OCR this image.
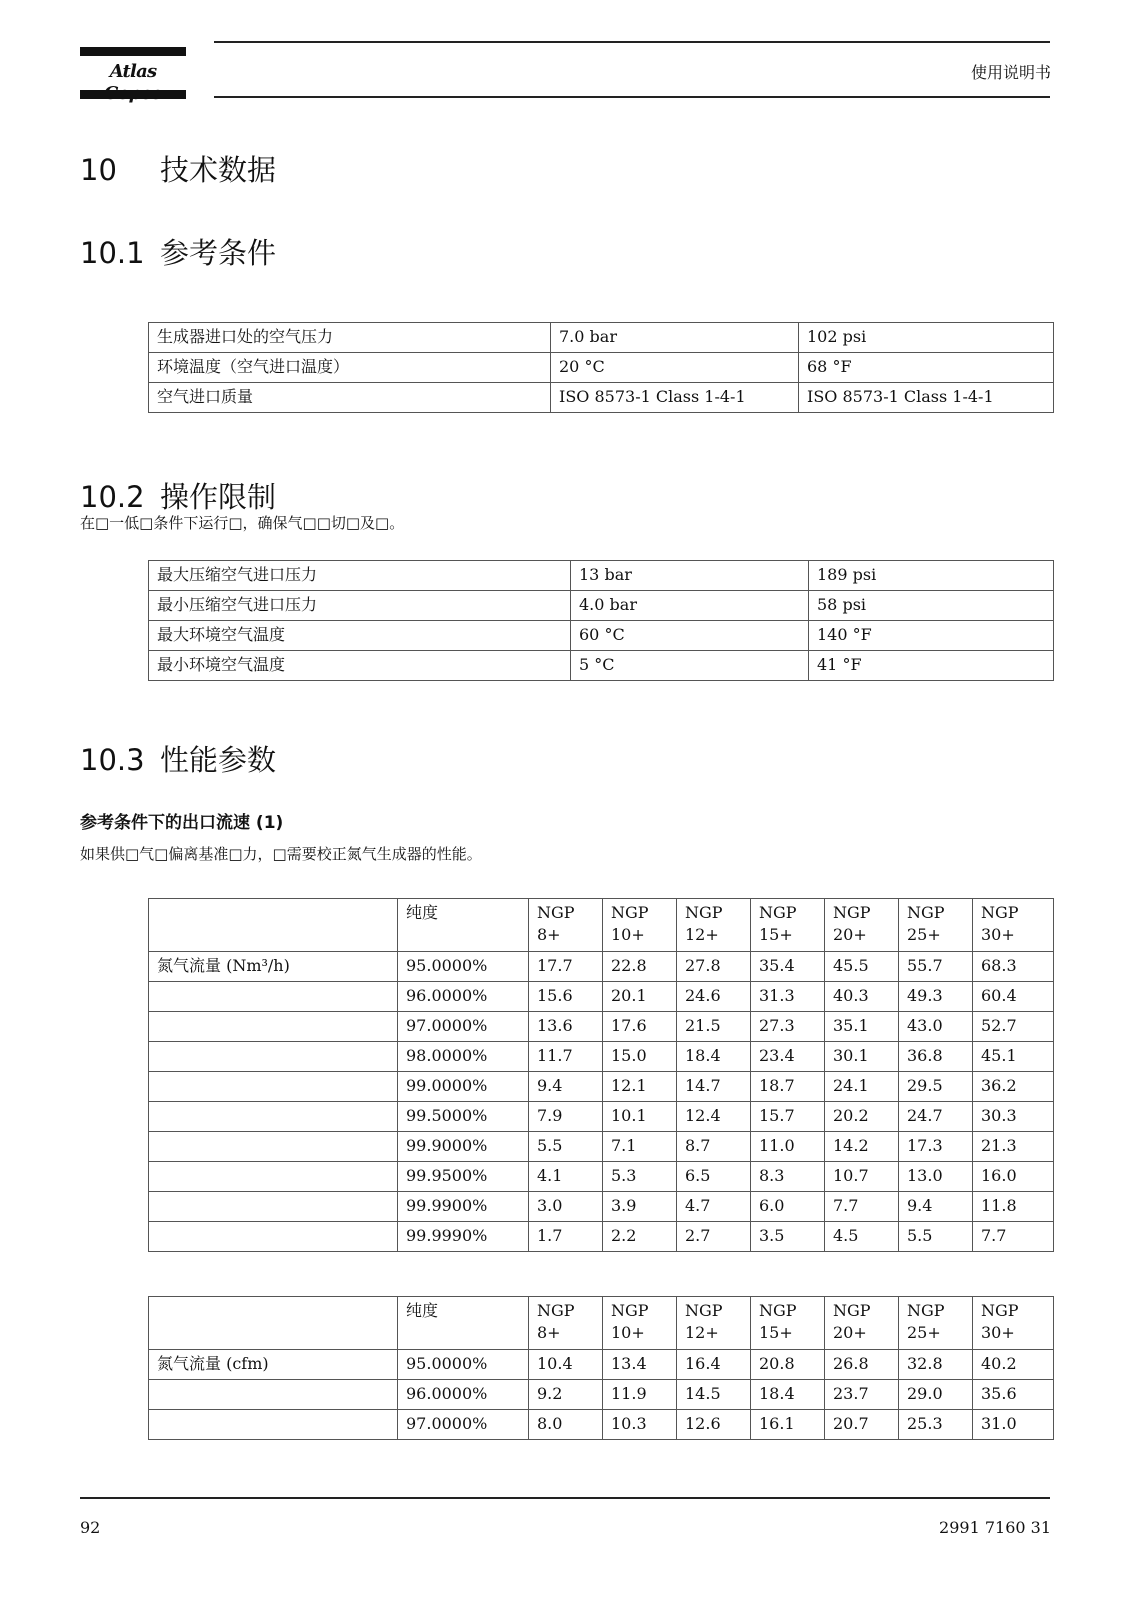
Atlas	使用说明书
10 技术数据
10.1 参考条件
生成器进口处的空气压力	7.0 bar	102 psi
环境温度（空气进口温度）	20 °C	68 °F
空气进口质量	ISO 8573-1 Class 1-4-1	ISO 8573-1 Class 1-4-1
10.2 操作限制
在□一低□条件下运行□，确保气□□切□及□。
最大压缩空气进口压力	13 bar	189 psi
最小压缩空气进口压力	4.0 bar	58 psi
最大环境空气温度	60 °C	140 °F
最小环境空气温度	5 °C	41 °F
10.3 性能参数
参考条件下的出口流速 (1)
如果供□气□偏离基准□力，□需要校正氮气生成器的性能。
	纯度	NGP 8+	NGP 10+	NGP 12+	NGP 15+	NGP 20+	NGP 25+	NGP 30+
氮气流量 (Nm³/h)	95.0000%	17.7	22.8	27.8	35.4	45.5	55.7	68.3
	96.0000%	15.6	20.1	24.6	31.3	40.3	49.3	60.4
	97.0000%	13.6	17.6	21.5	27.3	35.1	43.0	52.7
	98.0000%	11.7	15.0	18.4	23.4	30.1	36.8	45.1
	99.0000%	9.4	12.1	14.7	18.7	24.1	29.5	36.2
	99.5000%	7.9	10.1	12.4	15.7	20.2	24.7	30.3
	99.9000%	5.5	7.1	8.7	11.0	14.2	17.3	21.3
	99.9500%	4.1	5.3	6.5	8.3	10.7	13.0	16.0
	99.9900%	3.0	3.9	4.7	6.0	7.7	9.4	11.8
	99.9990%	1.7	2.2	2.7	3.5	4.5	5.5	7.7
	纯度	NGP 8+	NGP 10+	NGP 12+	NGP 15+	NGP 20+	NGP 25+	NGP 30+
氮气流量 (cfm)	95.0000%	10.4	13.4	16.4	20.8	26.8	32.8	40.2
	96.0000%	9.2	11.9	14.5	18.4	23.7	29.0	35.6
	97.0000%	8.0	10.3	12.6	16.1	20.7	25.3	31.0
92	2991 7160 31
